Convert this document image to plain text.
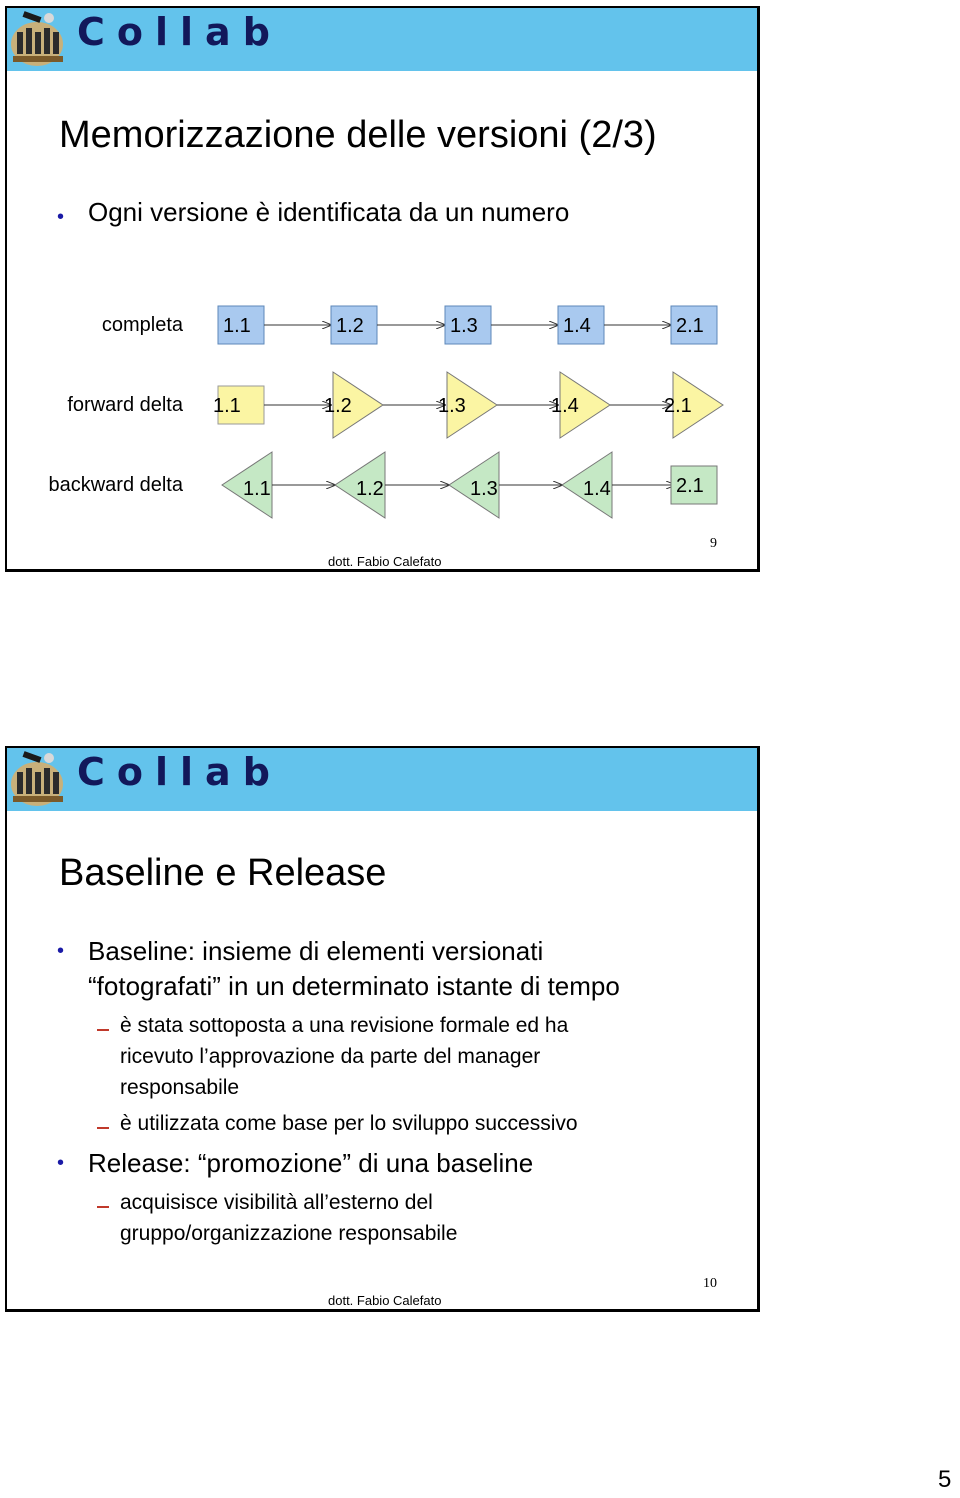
Collab
Memorizzazione delle versioni (2/3)
• Ogni versione è identificata da un numero
completa
forward delta
backward delta
1.1	1.2	1.3	1.4	2.1
1.1	1.2	1.3	1.4	2.1
1.1	1.2	1.3	1.4	2.1
dott. Fabio Calefato
9
Collab
Baseline e Release
• Baseline: insieme di elementi versionati
“fotografati” in un determinato istante di tempo
è stata sottoposta a una revisione formale ed ha
ricevuto l’approvazione da parte del manager
responsabile
è utilizzata come base per lo sviluppo successivo
• Release: “promozione” di una baseline
acquisisce visibilità all’esterno del
gruppo/organizzazione responsabile
dott. Fabio Calefato
10
5
